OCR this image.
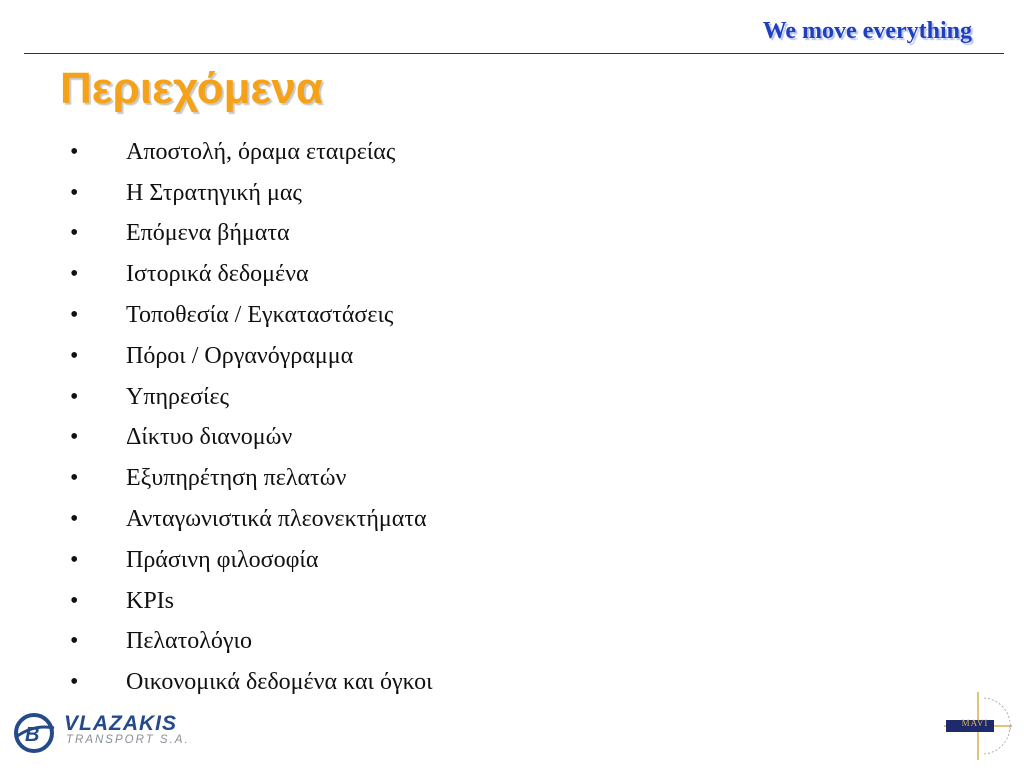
We move everything
Περιεχόμενα
•	Αποστολή, όραμα εταιρείας
•	Η Στρατηγική μας
•	Επόμενα βήματα
•	Ιστορικά δεδομένα
•	Τοποθεσία / Εγκαταστάσεις
•	Πόροι / Οργανόγραμμα
•	Υπηρεσίες
•	Δίκτυο διανομών
•	Εξυπηρέτηση πελατών
•	Ανταγωνιστικά πλεονεκτήματα
•	Πράσινη φιλοσοφία
•	KPIs
•	Πελατολόγιο
•	Οικονομικά δεδομένα και όγκοι
B VLAZAKIS
TRANSPORT S.A.
MAVI
